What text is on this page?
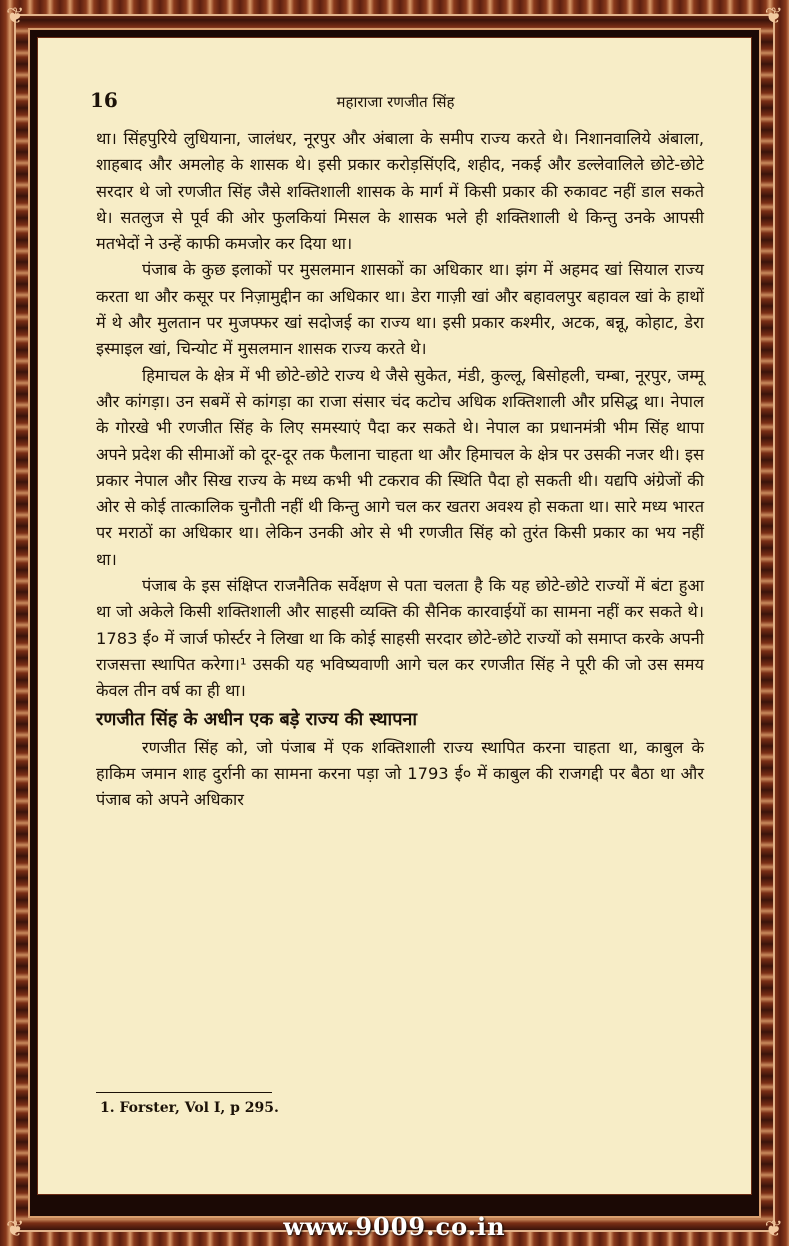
❦	❦
❦	❦
16	महाराजा रणजीत सिंह

था। सिंहपुरिये लुधियाना, जालंधर, नूरपुर और अंबाला के समीप राज्य करते थे। निशानवालिये अंबाला, शाहबाद और अमलोह के शासक थे। इसी प्रकार करोड़सिंएदि, शहीद, नकई और डल्लेवालिले छोटे-छोटे सरदार थे जो रणजीत सिंह जैसे शक्तिशाली शासक के मार्ग में किसी प्रकार की रुकावट नहीं डाल सकते थे। सतलुज से पूर्व की ओर फुलकियां मिसल के शासक भले ही शक्तिशाली थे किन्तु उनके आपसी मतभेदों ने उन्हें काफी कमजोर कर दिया था।

पंजाब के कुछ इलाकों पर मुसलमान शासकों का अधिकार था। झंग में अहमद खां सियाल राज्य करता था और कसूर पर निज़ामुद्दीन का अधिकार था। डेरा गाज़ी खां और बहावलपुर बहावल खां के हाथों में थे और मुलतान पर मुजफ्फर खां सदोजई का राज्य था। इसी प्रकार कश्मीर, अटक, बन्नू, कोहाट, डेरा इस्माइल खां, चिन्योट में मुसलमान शासक राज्य करते थे।

हिमाचल के क्षेत्र में भी छोटे-छोटे राज्य थे जैसे सुकेत, मंडी, कुल्लू, बिसोहली, चम्बा, नूरपुर, जम्मू और कांगड़ा। उन सबमें से कांगड़ा का राजा संसार चंद कटोच अधिक शक्तिशाली और प्रसिद्ध था। नेपाल के गोरखे भी रणजीत सिंह के लिए समस्याएं पैदा कर सकते थे। नेपाल का प्रधानमंत्री भीम सिंह थापा अपने प्रदेश की सीमाओं को दूर-दूर तक फैलाना चाहता था और हिमाचल के क्षेत्र पर उसकी नजर थी। इस प्रकार नेपाल और सिख राज्य के मध्य कभी भी टकराव की स्थिति पैदा हो सकती थी। यद्यपि अंग्रेजों की ओर से कोई तात्कालिक चुनौती नहीं थी किन्तु आगे चल कर खतरा अवश्य हो सकता था। सारे मध्य भारत पर मराठों का अधिकार था। लेकिन उनकी ओर से भी रणजीत सिंह को तुरंत किसी प्रकार का भय नहीं था।

पंजाब के इस संक्षिप्त राजनैतिक सर्वेक्षण से पता चलता है कि यह छोटे-छोटे राज्यों में बंटा हुआ था जो अकेले किसी शक्तिशाली और साहसी व्यक्ति की सैनिक कारवाईयों का सामना नहीं कर सकते थे। 1783 ई० में जार्ज फोर्स्टर ने लिखा था कि कोई साहसी सरदार छोटे-छोटे राज्यों को समाप्त करके अपनी राजसत्ता स्थापित करेगा।¹ उसकी यह भविष्यवाणी आगे चल कर रणजीत सिंह ने पूरी की जो उस समय केवल तीन वर्ष का ही था।

रणजीत सिंह के अधीन एक बड़े राज्य की स्थापना

रणजीत सिंह को, जो पंजाब में एक शक्तिशाली राज्य स्थापित करना चाहता था, काबुल के हाकिम जमान शाह दुर्रानी का सामना करना पड़ा जो 1793 ई० में काबुल की राजगद्दी पर बैठा था और पंजाब को अपने अधिकार

1. Forster, Vol I, p 295.
www.9009.co.in
